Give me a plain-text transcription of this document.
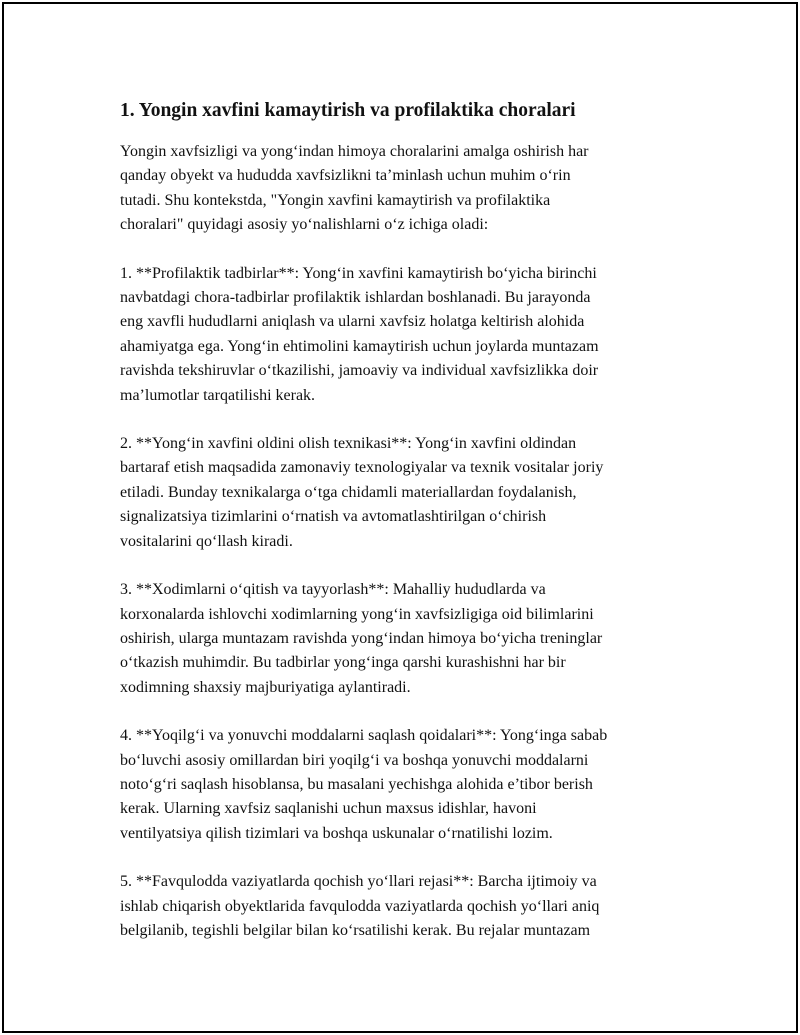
1. Yongin xavfini kamaytirish va profilaktika choralari

Yongin xavfsizligi va yong‘indan himoya choralarini amalga oshirish har
qanday obyekt va hududda xavfsizlikni ta’minlash uchun muhim o‘rin
tutadi. Shu kontekstda, "Yongin xavfini kamaytirish va profilaktika
choralari" quyidagi asosiy yo‘nalishlarni o‘z ichiga oladi:

1. **Profilaktik tadbirlar**: Yong‘in xavfini kamaytirish bo‘yicha birinchi
navbatdagi chora-tadbirlar profilaktik ishlardan boshlanadi. Bu jarayonda
eng xavfli hududlarni aniqlash va ularni xavfsiz holatga keltirish alohida
ahamiyatga ega. Yong‘in ehtimolini kamaytirish uchun joylarda muntazam
ravishda tekshiruvlar o‘tkazilishi, jamoaviy va individual xavfsizlikka doir
ma’lumotlar tarqatilishi kerak.

2. **Yong‘in xavfini oldini olish texnikasi**: Yong‘in xavfini oldindan
bartaraf etish maqsadida zamonaviy texnologiyalar va texnik vositalar joriy
etiladi. Bunday texnikalarga o‘tga chidamli materiallardan foydalanish,
signalizatsiya tizimlarini o‘rnatish va avtomatlashtirilgan o‘chirish
vositalarini qo‘llash kiradi.

3. **Xodimlarni o‘qitish va tayyorlash**: Mahalliy hududlarda va
korxonalarda ishlovchi xodimlarning yong‘in xavfsizligiga oid bilimlarini
oshirish, ularga muntazam ravishda yong‘indan himoya bo‘yicha treninglar
o‘tkazish muhimdir. Bu tadbirlar yong‘inga qarshi kurashishni har bir
xodimning shaxsiy majburiyatiga aylantiradi.

4. **Yoqilg‘i va yonuvchi moddalarni saqlash qoidalari**: Yong‘inga sabab
bo‘luvchi asosiy omillardan biri yoqilg‘i va boshqa yonuvchi moddalarni
noto‘g‘ri saqlash hisoblansa, bu masalani yechishga alohida e’tibor berish
kerak. Ularning xavfsiz saqlanishi uchun maxsus idishlar, havoni
ventilyatsiya qilish tizimlari va boshqa uskunalar o‘rnatilishi lozim.

5. **Favqulodda vaziyatlarda qochish yo‘llari rejasi**: Barcha ijtimoiy va
ishlab chiqarish obyektlarida favqulodda vaziyatlarda qochish yo‘llari aniq
belgilanib, tegishli belgilar bilan ko‘rsatilishi kerak. Bu rejalar muntazam
